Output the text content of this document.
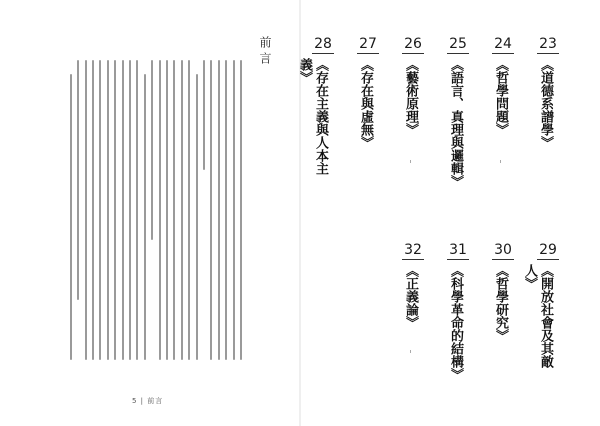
前言
5 | 前言
23
《道德系譜學》
24
《哲學問題》
25
《語言、真理與邏輯》
26
《藝術原理》
27
《存在與虛無》
28
《存在主義與人本主義》
29
《開放社會及其敵人》
30
《哲學研究》
31
《科學革命的結構》
32
《正義論》
